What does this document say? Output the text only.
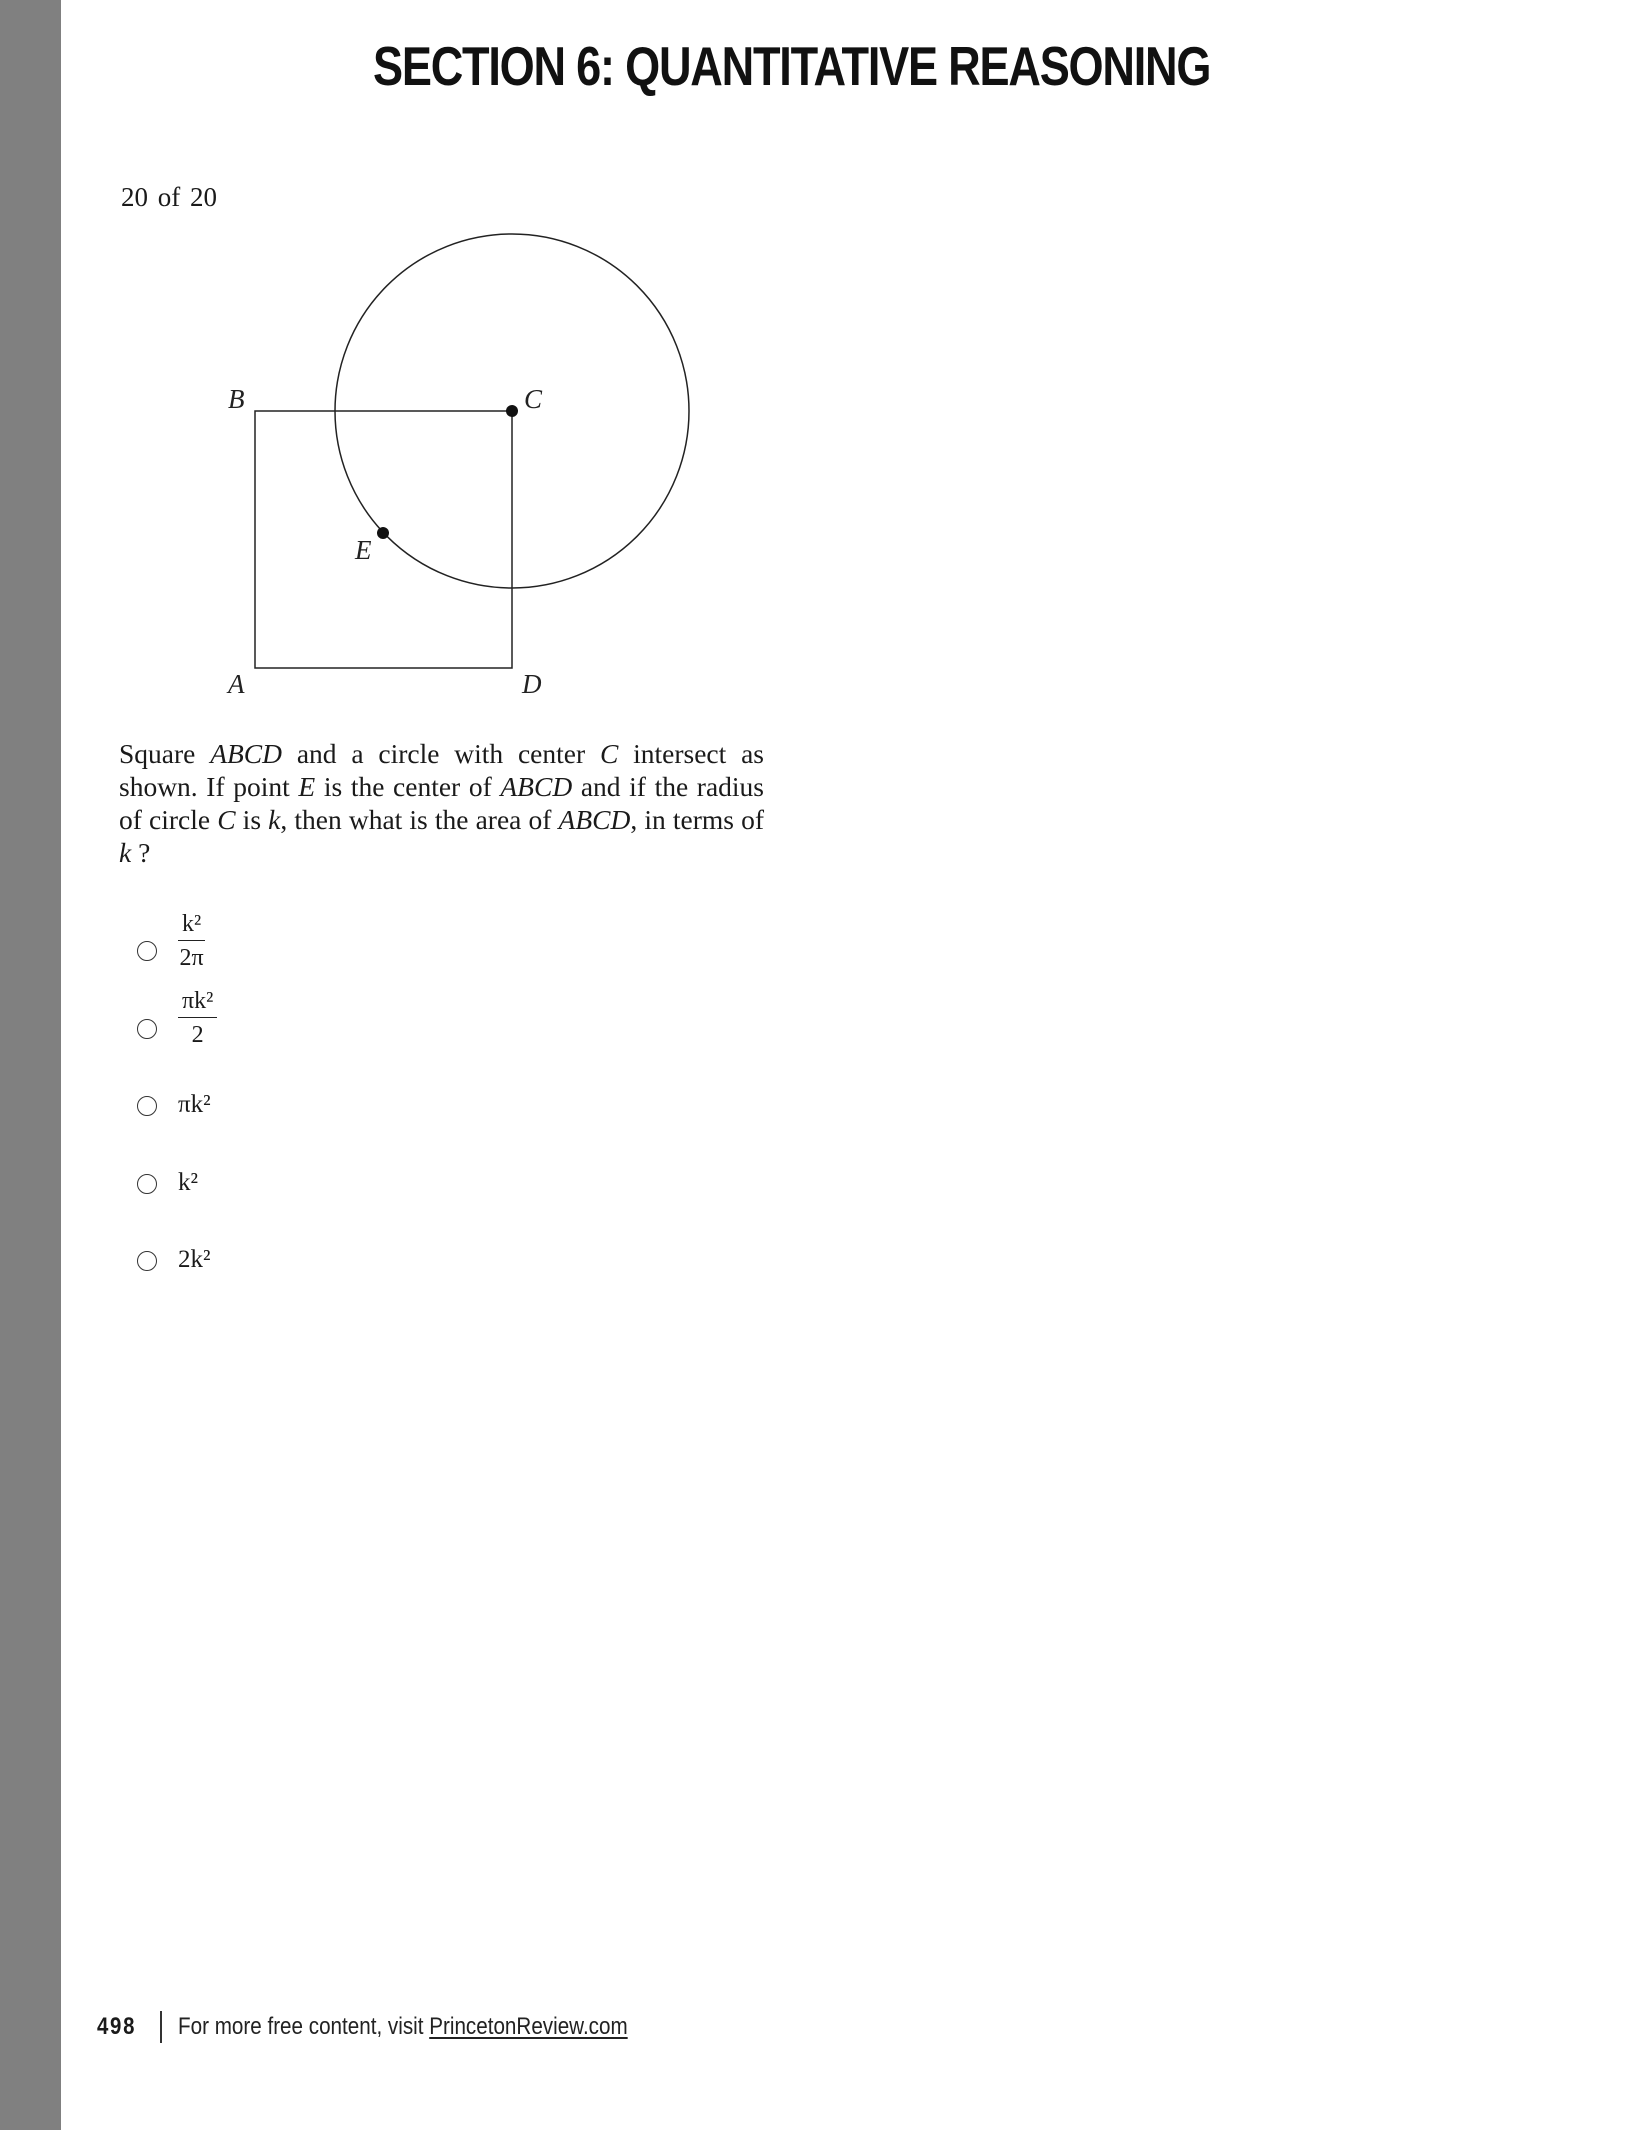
SECTION 6: QUANTITATIVE REASONING
20 of 20
B	C
E
A	D

Square ABCD and a circle with center C intersect as shown. If point E is the center of ABCD and if the radius of circle C is k, then what is the area of ABCD, in terms of k ?

$\frac{\text{k²}}{2\pi}$
$\frac{\text{πk²}}{2}$
πk²
k²
2k²
498 For more free content, visit PrincetonReview.com
